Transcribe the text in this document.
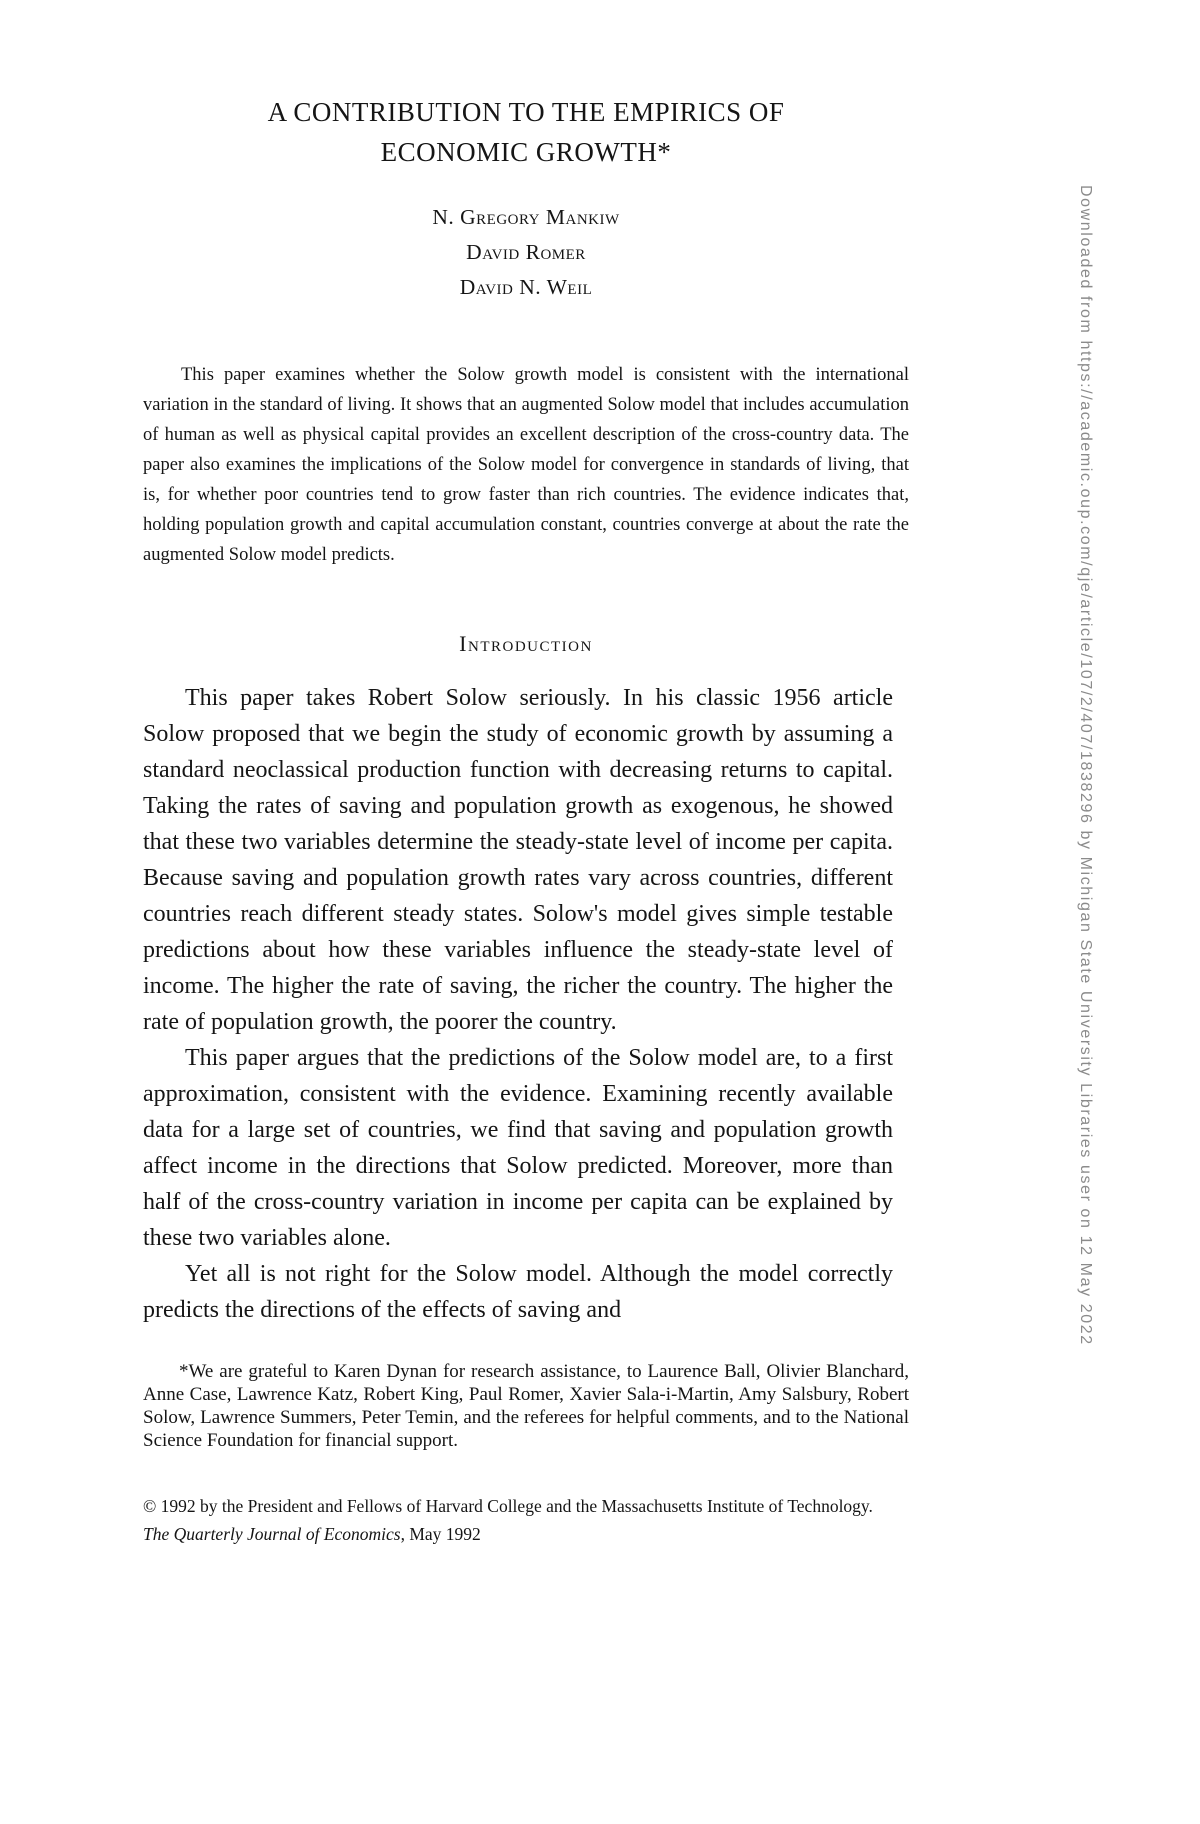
A CONTRIBUTION TO THE EMPIRICS OF
ECONOMIC GROWTH*
N. Gregory Mankiw
David Romer
David N. Weil
This paper examines whether the Solow growth model is consistent with the international variation in the standard of living. It shows that an augmented Solow model that includes accumulation of human as well as physical capital provides an excellent description of the cross-country data. The paper also examines the implications of the Solow model for convergence in standards of living, that is, for whether poor countries tend to grow faster than rich countries. The evidence indicates that, holding population growth and capital accumulation constant, countries converge at about the rate the augmented Solow model predicts.
Introduction

This paper takes Robert Solow seriously. In his classic 1956 article Solow proposed that we begin the study of economic growth by assuming a standard neoclassical production function with decreasing returns to capital. Taking the rates of saving and population growth as exogenous, he showed that these two variables determine the steady-state level of income per capita. Because saving and population growth rates vary across countries, different countries reach different steady states. Solow's model gives simple testable predictions about how these variables influence the steady-state level of income. The higher the rate of saving, the richer the country. The higher the rate of population growth, the poorer the country.

This paper argues that the predictions of the Solow model are, to a first approximation, consistent with the evidence. Examining recently available data for a large set of countries, we find that saving and population growth affect income in the directions that Solow predicted. Moreover, more than half of the cross-country variation in income per capita can be explained by these two variables alone.

Yet all is not right for the Solow model. Although the model correctly predicts the directions of the effects of saving and

*We are grateful to Karen Dynan for research assistance, to Laurence Ball, Olivier Blanchard, Anne Case, Lawrence Katz, Robert King, Paul Romer, Xavier Sala-i-Martin, Amy Salsbury, Robert Solow, Lawrence Summers, Peter Temin, and the referees for helpful comments, and to the National Science Foundation for financial support.

© 1992 by the President and Fellows of Harvard College and the Massachusetts Institute of Technology.

The Quarterly Journal of Economics, May 1992

Downloaded from https://academic.oup.com/qje/article/107/2/407/1838296 by Michigan State University Libraries user on 12 May 2022
